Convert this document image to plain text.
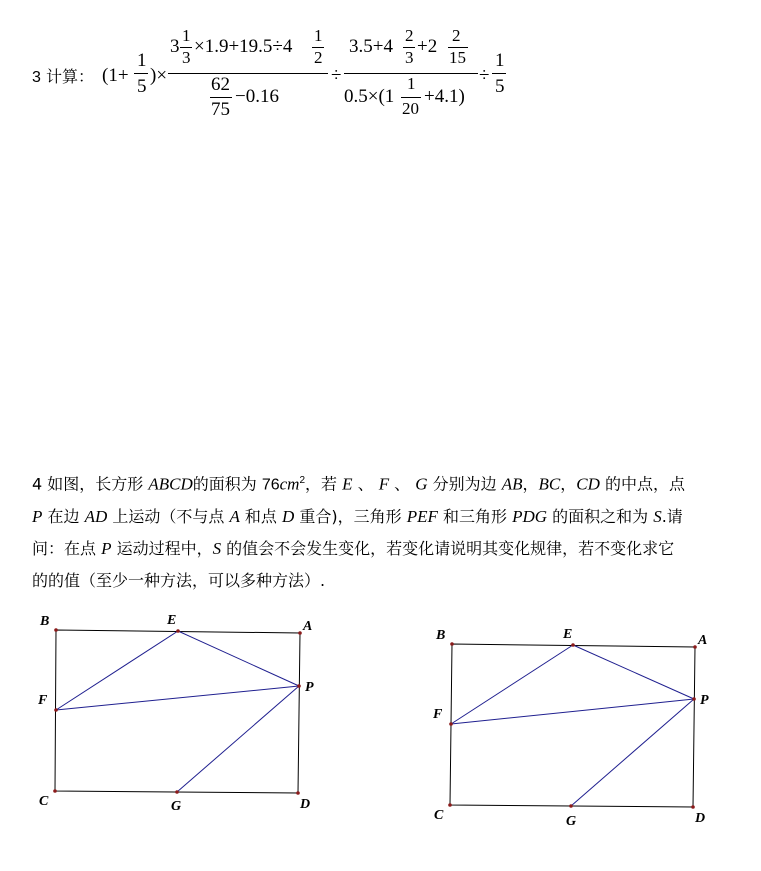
3 计算： (1+
1
5
)×
3
1
3
×1.9+19.5÷4
1
2
62
75
−0.16
÷
3.5+4
2
3
+2
2
15
0.5×(1
1
20
+4.1)
÷
1
5
4 如图，长方形 ABCD的面积为 $76cm^2$，若 E 、 F 、 G 分别为边 AB，BC，CD 的中点，点
P 在边 AD 上运动（不与点 A 和点 D 重合)，三角形 PEF 和三角形 PDG 的面积之和为 S.请
问：在点 P 运动过程中，S 的值会不会发生变化，若变化请说明其变化规律，若不变化求它
的的值（至少一种方法，可以多种方法）.
B	E	A
F
P
C	G	D
B	E	A
F
P
C	G	D
